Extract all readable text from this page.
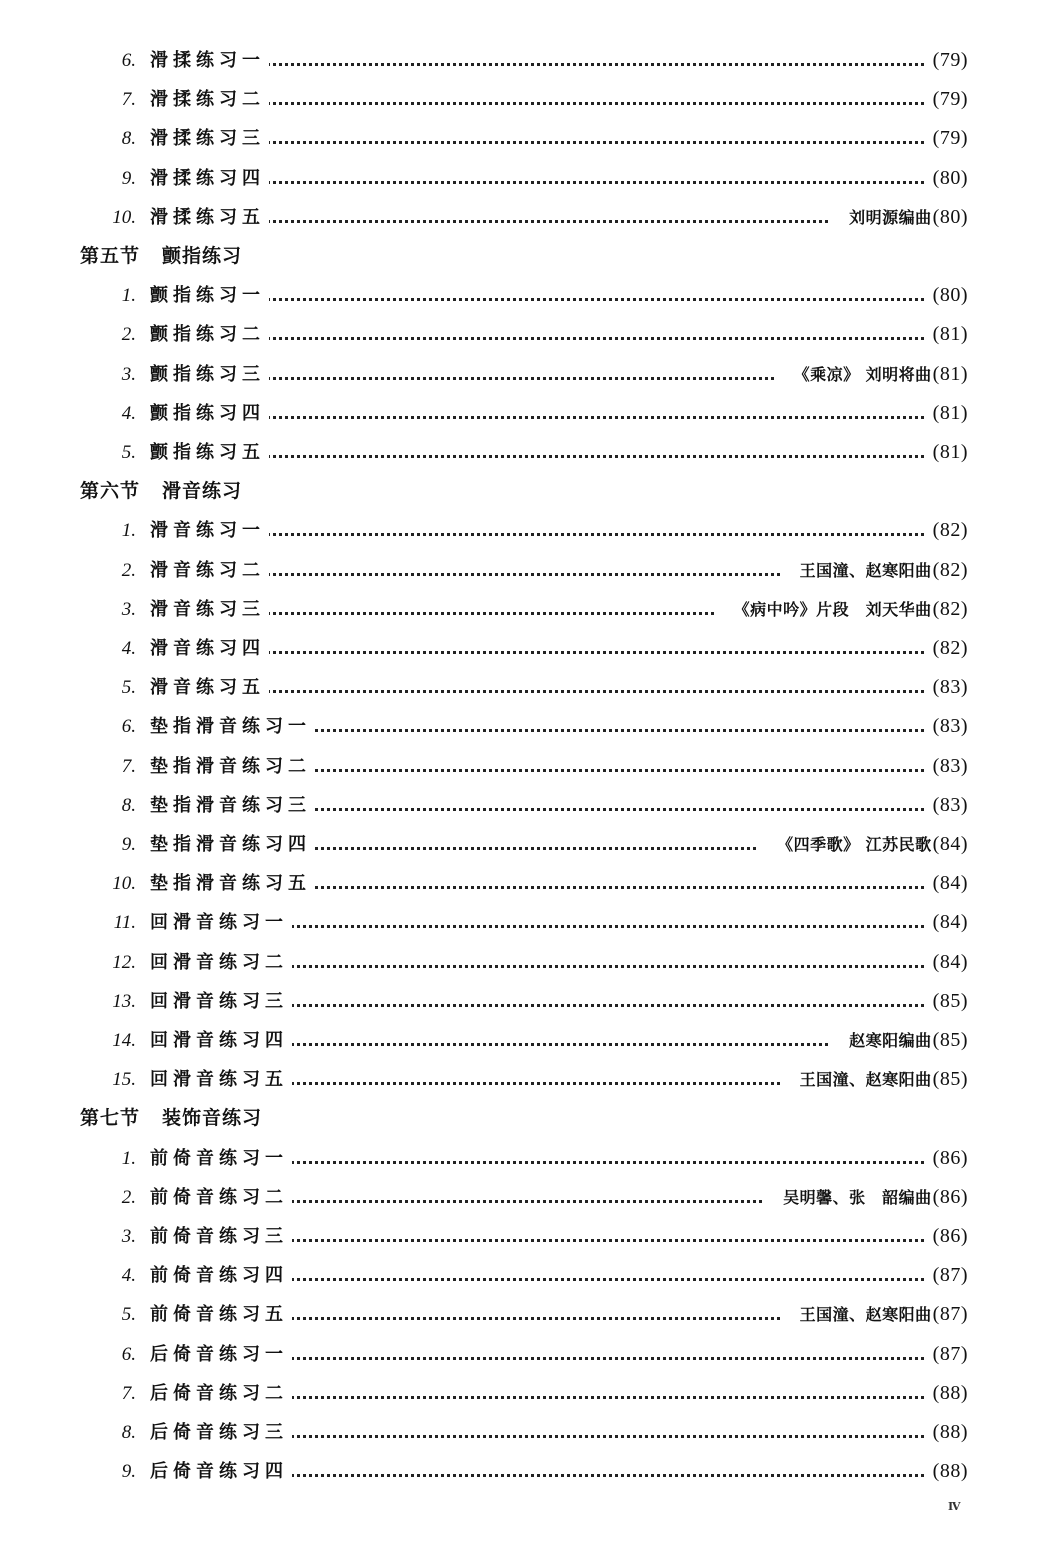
6. 滑揉练习一	(79)
7. 滑揉练习二	(79)
8. 滑揉练习三	(79)
9. 滑揉练习四	(80)
10. 滑揉练习五	刘明源编曲 (80)
第五节 颤指练习
1. 颤指练习一	(80)
2. 颤指练习二	(81)
3. 颤指练习三	《乘凉》 刘明将曲 (81)
4. 颤指练习四	(81)
5. 颤指练习五	(81)
第六节 滑音练习
1. 滑音练习一	(82)
2. 滑音练习二	王国潼、赵寒阳曲 (82)
3. 滑音练习三	《病中吟》片段　刘天华曲 (82)
4. 滑音练习四	(82)
5. 滑音练习五	(83)
6. 垫指滑音练习一	(83)
7. 垫指滑音练习二	(83)
8. 垫指滑音练习三	(83)
9. 垫指滑音练习四	《四季歌》 江苏民歌 (84)
10. 垫指滑音练习五	(84)
11. 回滑音练习一	(84)
12. 回滑音练习二	(84)
13. 回滑音练习三	(85)
14. 回滑音练习四	赵寒阳编曲 (85)
15. 回滑音练习五	王国潼、赵寒阳曲 (85)
第七节 装饰音练习
1. 前倚音练习一	(86)
2. 前倚音练习二	吴明馨、张　韶编曲 (86)
3. 前倚音练习三	(86)
4. 前倚音练习四	(87)
5. 前倚音练习五	王国潼、赵寒阳曲 (87)
6. 后倚音练习一	(87)
7. 后倚音练习二	(88)
8. 后倚音练习三	(88)
9. 后倚音练习四	(88)
Ⅳ
